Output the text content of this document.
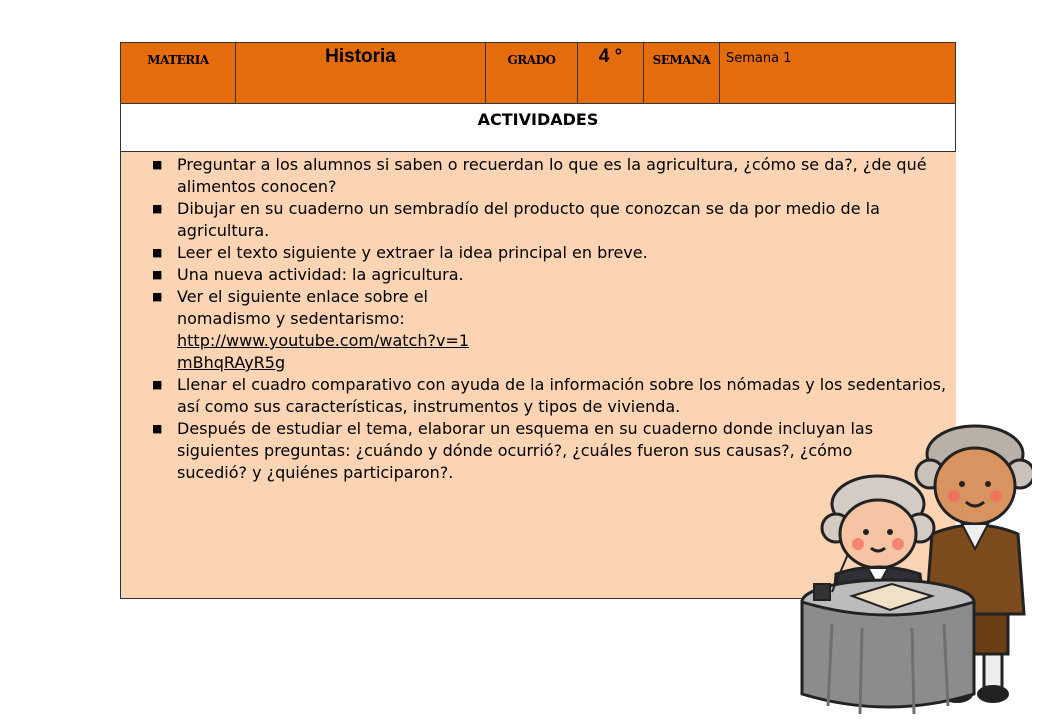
MATERIA	Historia	GRADO	4 °	SEMANA	Semana 1
ACTIVIDADES
■ Preguntar a los alumnos si saben o recuerdan lo que es la agricultura, ¿cómo se da?, ¿de qué alimentos conocen?
■ Dibujar en su cuaderno un sembradío del producto que conozcan se da por medio de la agricultura.
■ Leer el texto siguiente y extraer la idea principal en breve.
■ Una nueva actividad: la agricultura.
■ Ver el siguiente enlace sobre el nomadismo y sedentarismo:
http://www.youtube.com/watch?v=1
mBhqRAyR5g
■ Llenar el cuadro comparativo con ayuda de la información sobre los nómadas y los sedentarios, así como sus características, instrumentos y tipos de vivienda.
■ Después de estudiar el tema, elaborar un esquema en su cuaderno donde incluyan las siguientes preguntas: ¿cuándo y dónde ocurrió?, ¿cuáles fueron sus causas?, ¿cómo sucedió? y ¿quiénes participaron?.
